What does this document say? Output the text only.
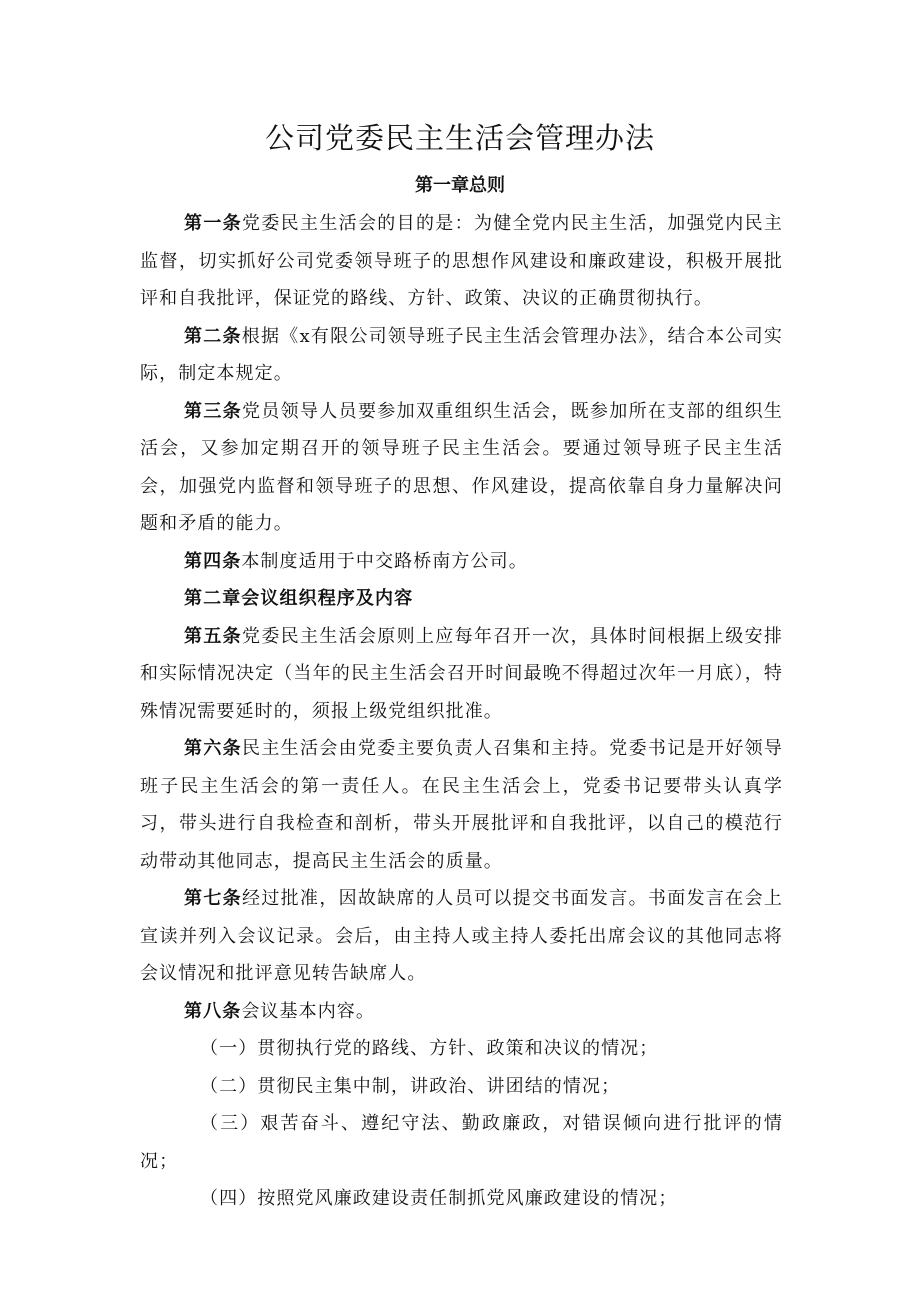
公司党委民主生活会管理办法
第一章总则

第一条党委民主生活会的目的是：为健全党内民主生活，加强党内民主监督，切实抓好公司党委领导班子的思想作风建设和廉政建设，积极开展批评和自我批评，保证党的路线、方针、政策、决议的正确贯彻执行。

第二条根据《x有限公司领导班子民主生活会管理办法》，结合本公司实际，制定本规定。

第三条党员领导人员要参加双重组织生活会，既参加所在支部的组织生活会，又参加定期召开的领导班子民主生活会。要通过领导班子民主生活会，加强党内监督和领导班子的思想、作风建设，提高依靠自身力量解决问题和矛盾的能力。

第四条本制度适用于中交路桥南方公司。

第二章会议组织程序及内容

第五条党委民主生活会原则上应每年召开一次，具体时间根据上级安排和实际情况决定（当年的民主生活会召开时间最晚不得超过次年一月底），特殊情况需要延时的，须报上级党组织批准。

第六条民主生活会由党委主要负责人召集和主持。党委书记是开好领导班子民主生活会的第一责任人。在民主生活会上，党委书记要带头认真学习，带头进行自我检查和剖析，带头开展批评和自我批评，以自己的模范行动带动其他同志，提高民主生活会的质量。

第七条经过批准，因故缺席的人员可以提交书面发言。书面发言在会上宣读并列入会议记录。会后，由主持人或主持人委托出席会议的其他同志将会议情况和批评意见转告缺席人。

第八条会议基本内容。

（一）贯彻执行党的路线、方针、政策和决议的情况；

（二）贯彻民主集中制，讲政治、讲团结的情况；

（三）艰苦奋斗、遵纪守法、勤政廉政，对错误倾向进行批评的情况；

（四）按照党风廉政建设责任制抓党风廉政建设的情况；
